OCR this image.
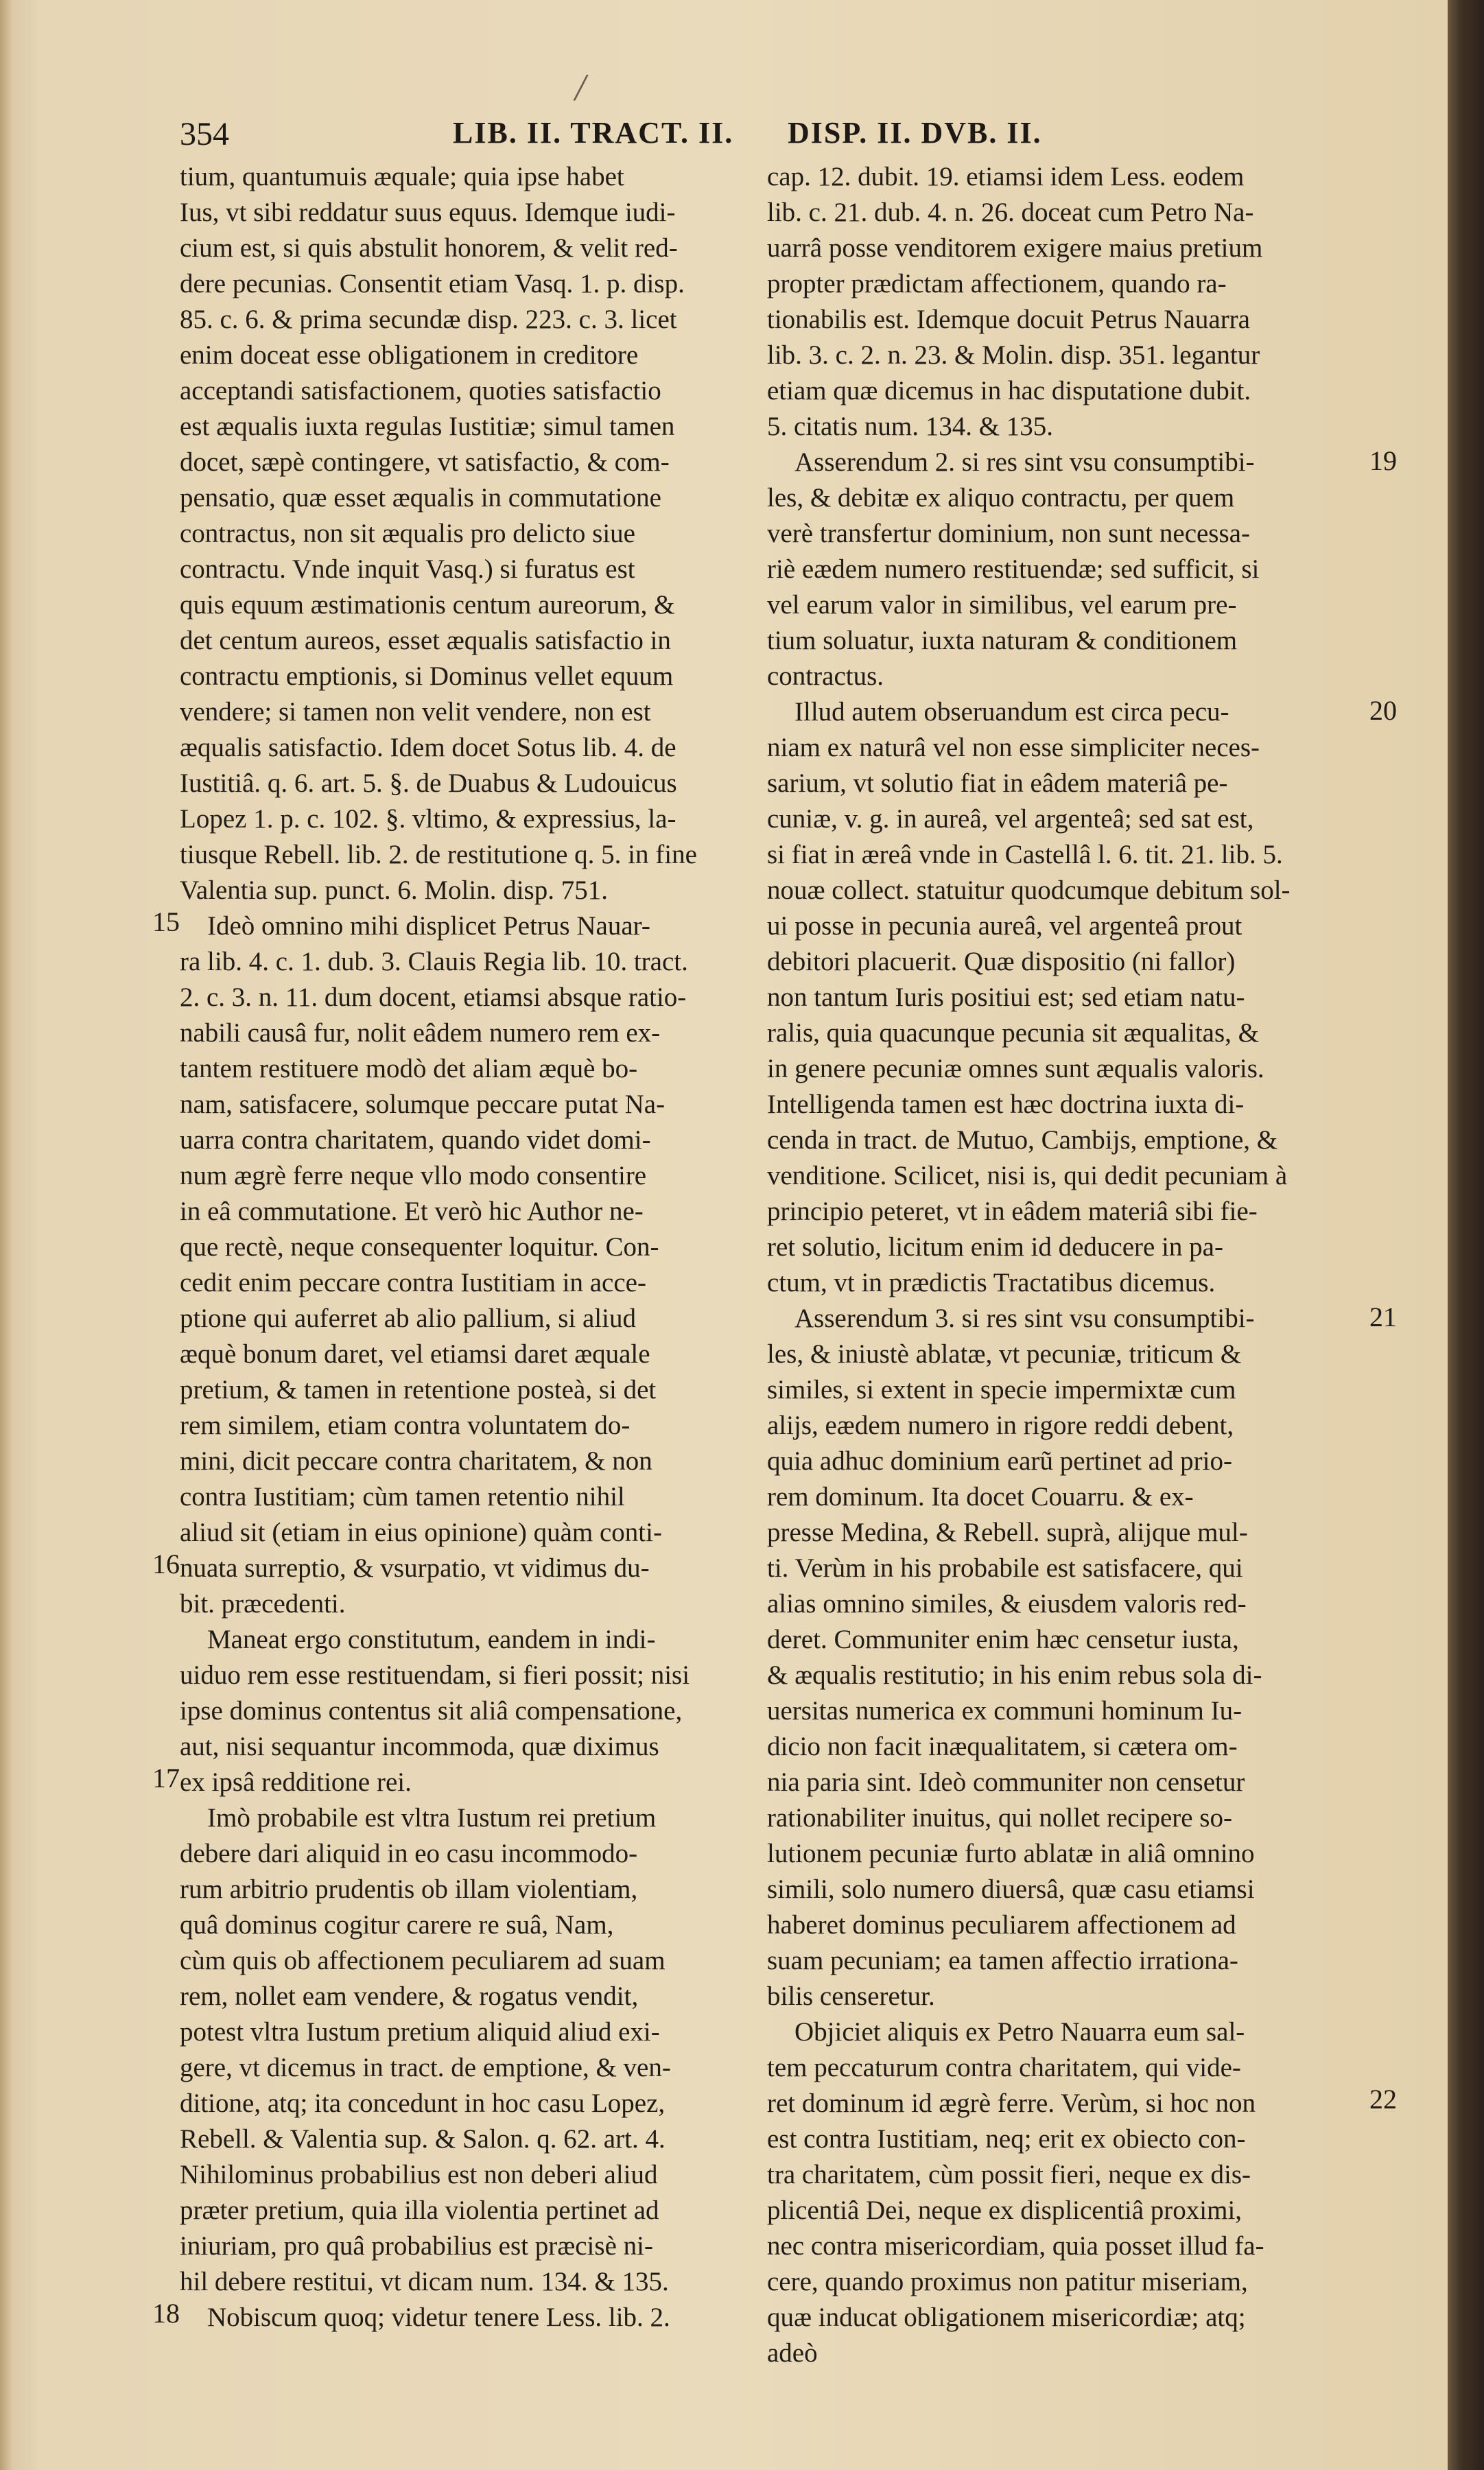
/
354	LIB. II. TRACT. II. DISP. II. DVB. II.
tium, quantumuis æquale; quia ipse habet
Ius, vt sibi reddatur suus equus. Idemque iudi-
cium est, si quis abstulit honorem, & velit red-
dere pecunias. Consentit etiam Vasq. 1. p. disp.
85. c. 6. & prima secundæ disp. 223. c. 3. licet
enim doceat esse obligationem in creditore
acceptandi satisfactionem, quoties satisfactio
est æqualis iuxta regulas Iustitiæ; simul tamen
docet, sæpè contingere, vt satisfactio, & com-
pensatio, quæ esset æqualis in commutatione
contractus, non sit æqualis pro delicto siue
contractu. Vnde inquit Vasq.) si furatus est
quis equum æstimationis centum aureorum, &
det centum aureos, esset æqualis satisfactio in
contractu emptionis, si Dominus vellet equum
vendere; si tamen non velit vendere, non est
æqualis satisfactio. Idem docet Sotus lib. 4. de
Iustitiâ. q. 6. art. 5. §. de Duabus & Ludouicus
Lopez 1. p. c. 102. §. vltimo, & expressius, la-
tiusque Rebell. lib. 2. de restitutione q. 5. in fine
Valentia sup. punct. 6. Molin. disp. 751.
Ideò omnino mihi displicet Petrus Nauar-
ra lib. 4. c. 1. dub. 3. Clauis Regia lib. 10. tract.
2. c. 3. n. 11. dum docent, etiamsi absque ratio-
nabili causâ fur, nolit eâdem numero rem ex-
tantem restituere modò det aliam æquè bo-
nam, satisfacere, solumque peccare putat Na-
uarra contra charitatem, quando videt domi-
num ægrè ferre neque vllo modo consentire
in eâ commutatione. Et verò hic Author ne-
que rectè, neque consequenter loquitur. Con-
cedit enim peccare contra Iustitiam in acce-
ptione qui auferret ab alio pallium, si aliud
æquè bonum daret, vel etiamsi daret æquale
pretium, & tamen in retentione posteà, si det
rem similem, etiam contra voluntatem do-
mini, dicit peccare contra charitatem, & non
contra Iustitiam; cùm tamen retentio nihil
aliud sit (etiam in eius opinione) quàm conti-
nuata surreptio, & vsurpatio, vt vidimus du-
bit. præcedenti.
Maneat ergo constitutum, eandem in indi-
uiduo rem esse restituendam, si fieri possit; nisi
ipse dominus contentus sit aliâ compensatione,
aut, nisi sequantur incommoda, quæ diximus
ex ipsâ redditione rei.
Imò probabile est vltra Iustum rei pretium
debere dari aliquid in eo casu incommodo-
rum arbitrio prudentis ob illam violentiam,
quâ dominus cogitur carere re suâ, Nam,
cùm quis ob affectionem peculiarem ad suam
rem, nollet eam vendere, & rogatus vendit,
potest vltra Iustum pretium aliquid aliud exi-
gere, vt dicemus in tract. de emptione, & ven-
ditione, atq; ita concedunt in hoc casu Lopez,
Rebell. & Valentia sup. & Salon. q. 62. art. 4.
Nihilominus probabilius est non deberi aliud
præter pretium, quia illa violentia pertinet ad
iniuriam, pro quâ probabilius est præcisè ni-
hil debere restitui, vt dicam num. 134. & 135.
Nobiscum quoq; videtur tenere Less. lib. 2.
cap. 12. dubit. 19. etiamsi idem Less. eodem
lib. c. 21. dub. 4. n. 26. doceat cum Petro Na-
uarrâ posse venditorem exigere maius pretium
propter prædictam affectionem, quando ra-
tionabilis est. Idemque docuit Petrus Nauarra
lib. 3. c. 2. n. 23. & Molin. disp. 351. legantur
etiam quæ dicemus in hac disputatione dubit.
5. citatis num. 134. & 135.
Asserendum 2. si res sint vsu consumptibi-
les, & debitæ ex aliquo contractu, per quem
verè transfertur dominium, non sunt necessa-
riè eædem numero restituendæ; sed sufficit, si
vel earum valor in similibus, vel earum pre-
tium soluatur, iuxta naturam & conditionem
contractus.
Illud autem obseruandum est circa pecu-
niam ex naturâ vel non esse simpliciter neces-
sarium, vt solutio fiat in eâdem materiâ pe-
cuniæ, v. g. in aureâ, vel argenteâ; sed sat est,
si fiat in æreâ vnde in Castellâ l. 6. tit. 21. lib. 5.
nouæ collect. statuitur quodcumque debitum sol-
ui posse in pecunia aureâ, vel argenteâ prout
debitori placuerit. Quæ dispositio (ni fallor)
non tantum Iuris positiui est; sed etiam natu-
ralis, quia quacunque pecunia sit æqualitas, &
in genere pecuniæ omnes sunt æqualis valoris.
Intelligenda tamen est hæc doctrina iuxta di-
cenda in tract. de Mutuo, Cambijs, emptione, &
venditione. Scilicet, nisi is, qui dedit pecuniam à
principio peteret, vt in eâdem materiâ sibi fie-
ret solutio, licitum enim id deducere in pa-
ctum, vt in prædictis Tractatibus dicemus.
Asserendum 3. si res sint vsu consumptibi-
les, & iniustè ablatæ, vt pecuniæ, triticum &
similes, si extent in specie impermixtæ cum
alijs, eædem numero in rigore reddi debent,
quia adhuc dominium earũ pertinet ad prio-
rem dominum. Ita docet Couarru. & ex-
presse Medina, & Rebell. suprà, alijque mul-
ti. Verùm in his probabile est satisfacere, qui
alias omnino similes, & eiusdem valoris red-
deret. Communiter enim hæc censetur iusta,
& æqualis restitutio; in his enim rebus sola di-
uersitas numerica ex communi hominum Iu-
dicio non facit inæqualitatem, si cætera om-
nia paria sint. Ideò communiter non censetur
rationabiliter inuitus, qui nollet recipere so-
lutionem pecuniæ furto ablatæ in aliâ omnino
simili, solo numero diuersâ, quæ casu etiamsi
haberet dominus peculiarem affectionem ad
suam pecuniam; ea tamen affectio irrationa-
bilis censeretur.
Objiciet aliquis ex Petro Nauarra eum sal-
tem peccaturum contra charitatem, qui vide-
ret dominum id ægrè ferre. Verùm, si hoc non
est contra Iustitiam, neq; erit ex obiecto con-
tra charitatem, cùm possit fieri, neque ex dis-
plicentiâ Dei, neque ex displicentiâ proximi,
nec contra misericordiam, quia posset illud fa-
cere, quando proximus non patitur miseriam,
quæ inducat obligationem misericordiæ; atq;
adeò
15
16
17
18
19
20
21
22
